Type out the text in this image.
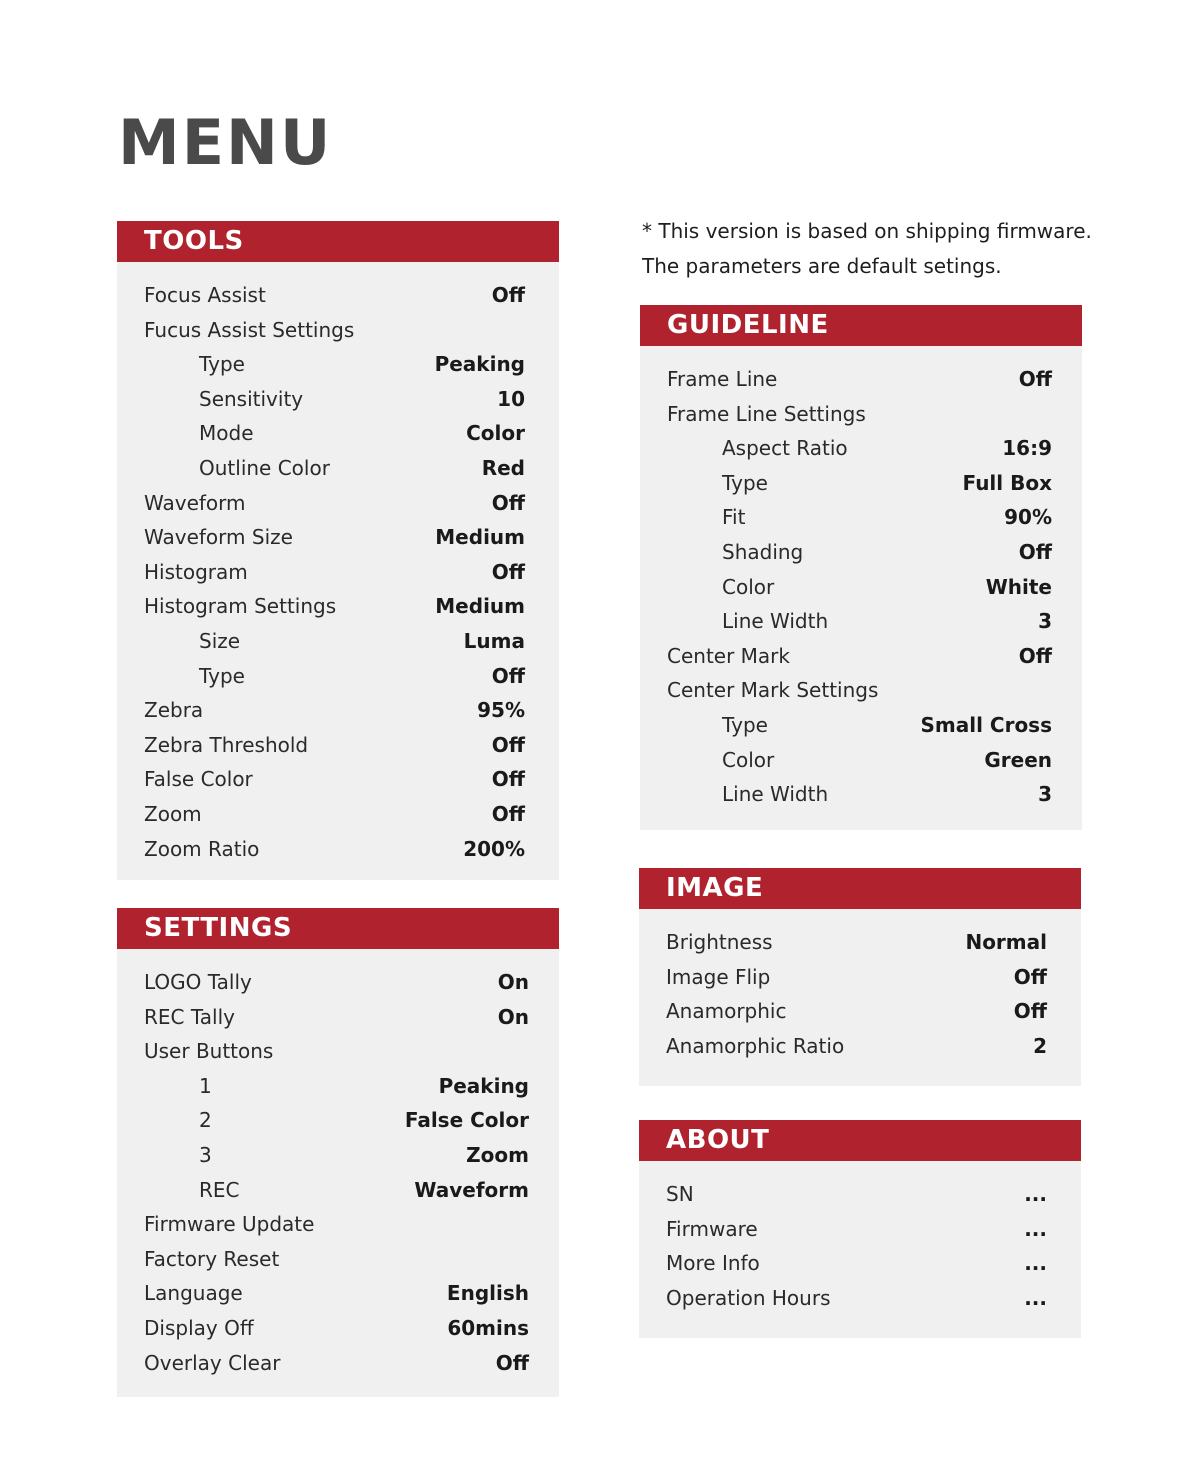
MENU
* This version is based on shipping firmware.
The parameters are default setings.
TOOLS
Focus Assist	Off
Fucus Assist Settings
Type	Peaking
Sensitivity	10
Mode	Color
Outline Color	Red
Waveform	Off
Waveform Size	Medium
Histogram	Off
Histogram Settings	Medium
Size	Luma
Type	Off
Zebra	95%
Zebra Threshold	Off
False Color	Off
Zoom	Off
Zoom Ratio	200%
SETTINGS
LOGO Tally	On
REC Tally	On
User Buttons
1	Peaking
2	False Color
3	Zoom
REC	Waveform
Firmware Update
Factory Reset
Language	English
Display Off	60mins
Overlay Clear	Off
GUIDELINE
Frame Line	Off
Frame Line Settings
Aspect Ratio	16:9
Type	Full Box
Fit	90%
Shading	Off
Color	White
Line Width	3
Center Mark	Off
Center Mark Settings
Type	Small Cross
Color	Green
Line Width	3
IMAGE
Brightness	Normal
Image Flip	Off
Anamorphic	Off
Anamorphic Ratio	2
ABOUT
SN	...
Firmware	...
More Info	...
Operation Hours	...
